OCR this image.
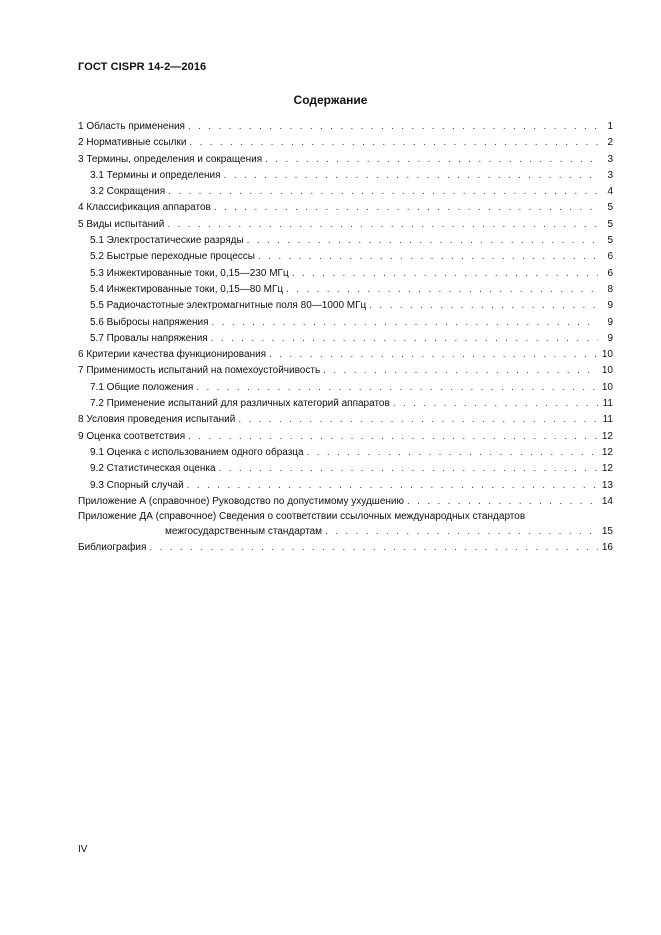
ГОСТ CISPR 14-2—2016
Содержание
1 Область применения . . .	1
2 Нормативные ссылки . . .	2
3 Термины, определения и сокращения . . .	3
3.1 Термины и определения . . .	3
3.2 Сокращения . . .	4
4 Классификация аппаратов . . .	5
5 Виды испытаний . . .	5
5.1 Электростатические разряды . . .	5
5.2 Быстрые переходные процессы . . .	6
5.3 Инжектированные токи, 0,15—230 МГц . . .	6
5.4 Инжектированные токи, 0,15—80 МГц . . .	8
5.5 Радиочастотные электромагнитные поля 80—1000 МГц . . .	9
5.6 Выбросы напряжения . . .	9
5.7 Провалы напряжения . . .	9
6 Критерии качества функционирования . . .	10
7 Применимость испытаний на помехоустойчивость . . .	10
7.1 Общие положения . . .	10
7.2 Применение испытаний для различных категорий аппаратов . . .	11
8 Условия проведения испытаний . . .	11
9 Оценка соответствия . . .	12
9.1 Оценка с использованием одного образца . . .	12
9.2 Статистическая оценка . . .	12
9.3 Спорный случай . . .	13
Приложение А (справочное) Руководство по допустимому ухудшению . . .	14
Приложение ДА (справочное) Сведения о соответствии ссылочных международных стандартов
межгосударственным стандартам . . .	15
Библиография . . .	16
IV
